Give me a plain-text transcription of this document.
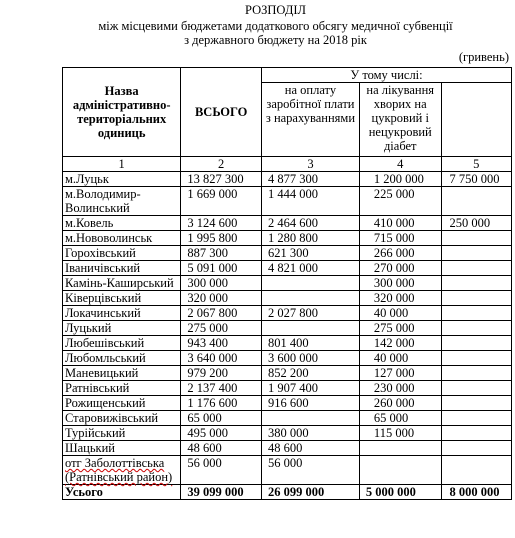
РОЗПОДІЛ
між місцевими бюджетами додаткового обсягу медичної субвенції
з державного бюджету на 2018 рік
(гривень)
Назва адміністративно-територіальних одиниць	ВСЬОГО	У тому числі:		
		на оплату заробітної плати з нарахуваннями	на лікування хворих на цукровий і нецукровий діабет	
1	2	3	4	5
м.Луцьк	13 827 300	4 877 300	1 200 000	7 750 000
м.Володимир-Волинський	1 669 000	1 444 000	225 000	
м.Ковель	3 124 600	2 464 600	410 000	250 000
м.Нововолинськ	1 995 800	1 280 800	715 000	
Горохівський	887 300	621 300	266 000	
Іваничівський	5 091 000	4 821 000	270 000	
Камінь-Каширський	300 000		300 000	
Ківерцівський	320 000		320 000	
Локачинський	2 067 800	2 027 800	40 000	
Луцький	275 000		275 000	
Любешівський	943 400	801 400	142 000	
Любомльський	3 640 000	3 600 000	40 000	
Маневицький	979 200	852 200	127 000	
Ратнівський	2 137 400	1 907 400	230 000	
Рожищенський	1 176 600	916 600	260 000	
Старовижівський	65 000		65 000	
Турійський	495 000	380 000	115 000	
Шацький	48 600	48 600		
отг Заболоттівська (Ратнівський район)	56 000	56 000		
Усього	39 099 000	26 099 000	5 000 000	8 000 000
